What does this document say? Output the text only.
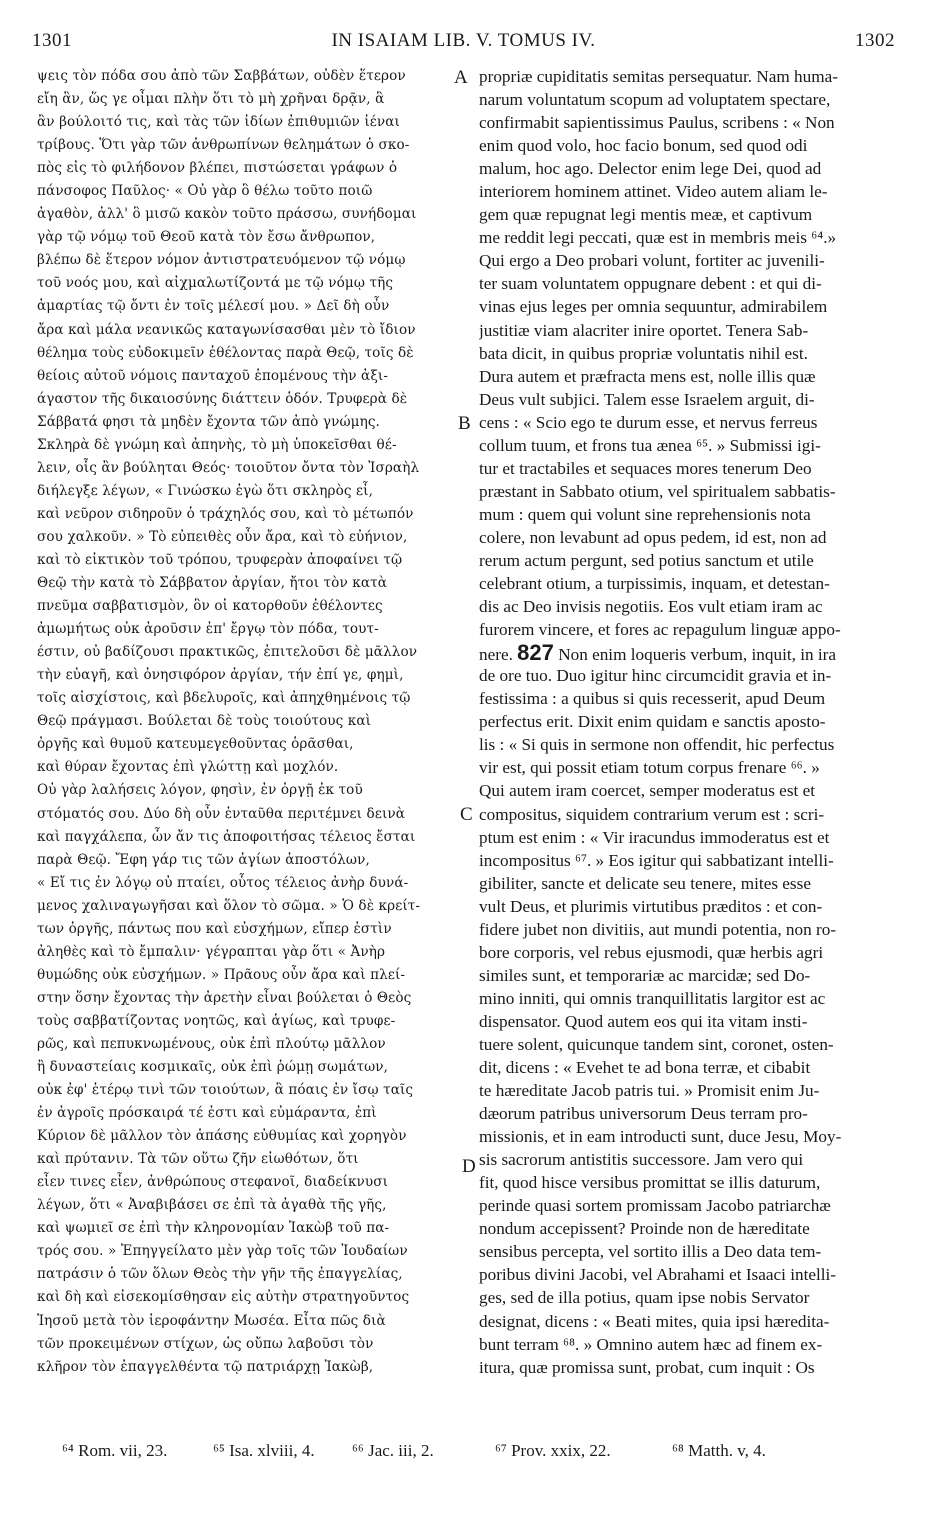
1301	IN ISAIAM LIB. V. TOMUS IV.	1302
ψεις τὸν πόδα σου ἀπὸ τῶν Σαββάτων, οὐδὲν ἕτερον
εἴη ἂν, ὥς γε οἶμαι πλὴν ὅτι τὸ μὴ χρῆναι δρᾷν, ἃ
ἂν βούλοιτό τις, καὶ τὰς τῶν ἰδίων ἐπιθυμιῶν ἰέναι
τρίβους. Ὅτι γὰρ τῶν ἀνθρωπίνων θελημάτων ὁ σκο-
πὸς εἰς τὸ φιλήδονον βλέπει, πιστώσεται γράφων ὁ
πάνσοφος Παῦλος· « Οὐ γὰρ ὃ θέλω τοῦτο ποιῶ
ἀγαθὸν, ἀλλ' ὃ μισῶ κακὸν τοῦτο πράσσω, συνήδομαι
γὰρ τῷ νόμῳ τοῦ Θεοῦ κατὰ τὸν ἔσω ἄνθρωπον,
βλέπω δὲ ἕτερον νόμον ἀντιστρατευόμενον τῷ νόμῳ
τοῦ νοός μου, καὶ αἰχμαλωτίζοντά με τῷ νόμῳ τῆς
ἁμαρτίας τῷ ὄντι ἐν τοῖς μέλεσί μου. » Δεῖ δὴ οὖν
ἄρα καὶ μάλα νεανικῶς καταγωνίσασθαι μὲν τὸ ἴδιον
θέλημα τοὺς εὐδοκιμεῖν ἐθέλοντας παρὰ Θεῷ, τοῖς δὲ
θείοις αὐτοῦ νόμοις πανταχοῦ ἑπομένους τὴν ἀξι-
άγαστον τῆς δικαιοσύνης διάττειν ὁδόν. Τρυφερὰ δὲ
Σάββατά φησι τὰ μηδὲν ἔχοντα τῶν ἀπὸ γνώμης.
Σκληρὰ δὲ γνώμη καὶ ἀπηνὴς, τὸ μὴ ὑποκεῖσθαι θέ-
λειν, οἷς ἂν βούληται Θεός· τοιοῦτον ὄντα τὸν Ἰσραὴλ
διήλεγξε λέγων, « Γινώσκω ἐγὼ ὅτι σκληρὸς εἶ,
καὶ νεῦρον σιδηροῦν ὁ τράχηλός σου, καὶ τὸ μέτωπόν
σου χαλκοῦν. » Τὸ εὐπειθὲς οὖν ἄρα, καὶ τὸ εὐήνιον,
καὶ τὸ εἰκτικὸν τοῦ τρόπου, τρυφερὰν ἀποφαίνει τῷ
Θεῷ τὴν κατὰ τὸ Σάββατον ἀργίαν, ἤτοι τὸν κατὰ
πνεῦμα σαββατισμὸν, ὃν οἱ κατορθοῦν ἐθέλοντες
ἀμωμήτως οὐκ ἀροῦσιν ἐπ' ἔργῳ τὸν πόδα, τουτ-
έστιν, οὐ βαδίζουσι πρακτικῶς, ἐπιτελοῦσι δὲ μᾶλλον
τὴν εὐαγῆ, καὶ ὀνησιφόρον ἀργίαν, τήν ἐπί γε, φημὶ,
τοῖς αἰσχίστοις, καὶ βδελυροῖς, καὶ ἀπηχθημένοις τῷ
Θεῷ πράγμασι. Βούλεται δὲ τοὺς τοιούτους καὶ
ὀργῆς καὶ θυμοῦ κατευμεγεθοῦντας ὁρᾶσθαι,
καὶ θύραν ἔχοντας ἐπὶ γλώττῃ καὶ μοχλόν.
Οὐ γὰρ λαλήσεις λόγον, φησὶν, ἐν ὀργῇ ἐκ τοῦ
στόματός σου. Δύο δὴ οὖν ἐνταῦθα περιτέμνει δεινὰ
καὶ παγχάλεπα, ὧν ἄν τις ἀποφοιτήσας τέλειος ἔσται
παρὰ Θεῷ. Ἔφη γάρ τις τῶν ἁγίων ἀποστόλων,
« Εἴ τις ἐν λόγῳ οὐ πταίει, οὗτος τέλειος ἀνὴρ δυνά-
μενος χαλιναγωγῆσαι καὶ ὅλον τὸ σῶμα. » Ὁ δὲ κρείτ-
των ὀργῆς, πάντως που καὶ εὐσχήμων, εἴπερ ἐστὶν
ἀληθὲς καὶ τὸ ἔμπαλιν· γέγραπται γὰρ ὅτι « Ἀνὴρ
θυμώδης οὐκ εὐσχήμων. » Πρᾶους οὖν ἄρα καὶ πλεί-
στην ὅσην ἔχοντας τὴν ἀρετὴν εἶναι βούλεται ὁ Θεὸς
τοὺς σαββατίζοντας νοητῶς, καὶ ἁγίως, καὶ τρυφε-
ρῶς, καὶ πεπυκνωμένους, οὐκ ἐπὶ πλούτῳ μᾶλλον
ἢ δυναστείαις κοσμικαῖς, οὐκ ἐπὶ ῥώμῃ σωμάτων,
οὐκ ἐφ' ἑτέρῳ τινὶ τῶν τοιούτων, ἃ πόαις ἐν ἴσῳ ταῖς
ἐν ἀγροῖς πρόσκαιρά τέ ἐστι καὶ εὐμάραντα, ἐπὶ
Κύριον δὲ μᾶλλον τὸν ἁπάσης εὐθυμίας καὶ χορηγὸν
καὶ πρύτανιν. Τὰ τῶν οὕτω ζῆν εἰωθότων, ὅτι
εἶεν τινες εἶεν, ἀνθρώπους στεφανοῖ, διαδείκνυσι
λέγων, ὅτι « Ἀναβιβάσει σε ἐπὶ τὰ ἀγαθὰ τῆς γῆς,
καὶ ψωμιεῖ σε ἐπὶ τὴν κληρονομίαν Ἰακὼβ τοῦ πα-
τρός σου. » Ἐπηγγείλατο μὲν γὰρ τοῖς τῶν Ἰουδαίων
πατράσιν ὁ τῶν ὅλων Θεὸς τὴν γῆν τῆς ἐπαγγελίας,
καὶ δὴ καὶ εἰσεκομίσθησαν εἰς αὐτὴν στρατηγοῦντος
Ἰησοῦ μετὰ τὸν ἱεροφάντην Μωσέα. Εἶτα πῶς διὰ
τῶν προκειμένων στίχων, ὡς οὔπω λαβοῦσι τὸν
κλῆρον τὸν ἐπαγγελθέντα τῷ πατριάρχῃ Ἰακὼβ,
propriæ cupiditatis semitas persequatur. Nam huma-
narum voluntatum scopum ad voluptatem spectare,
confirmabit sapientissimus Paulus, scribens : « Non
enim quod volo, hoc facio bonum, sed quod odi
malum, hoc ago. Delector enim lege Dei, quod ad
interiorem hominem attinet. Video autem aliam le-
gem quæ repugnat legi mentis meæ, et captivum
me reddit legi peccati, quæ est in membris meis ⁶⁴.»
Qui ergo a Deo probari volunt, fortiter ac juvenili-
ter suam voluntatem oppugnare debent : et qui di-
vinas ejus leges per omnia sequuntur, admirabilem
justitiæ viam alacriter inire oportet. Tenera Sab-
bata dicit, in quibus propriæ voluntatis nihil est.
Dura autem et præfracta mens est, nolle illis quæ
Deus vult subjici. Talem esse Israelem arguit, di-
cens : « Scio ego te durum esse, et nervus ferreus
collum tuum, et frons tua ænea ⁶⁵. » Submissi igi-
tur et tractabiles et sequaces mores tenerum Deo
præstant in Sabbato otium, vel spiritualem sabbatis-
mum : quem qui volunt sine reprehensionis nota
colere, non levabunt ad opus pedem, id est, non ad
rerum actum pergunt, sed potius sanctum et utile
celebrant otium, a turpissimis, inquam, et detestan-
dis ac Deo invisis negotiis. Eos vult etiam iram ac
furorem vincere, et fores ac repagulum linguæ appo-
nere. 827 Non enim loqueris verbum, inquit, in ira
de ore tuo. Duo igitur hinc circumcidit gravia et in-
festissima : a quibus si quis recesserit, apud Deum
perfectus erit. Dixit enim quidam e sanctis aposto-
lis : « Si quis in sermone non offendit, hic perfectus
vir est, qui possit etiam totum corpus frenare ⁶⁶. »
Qui autem iram coercet, semper moderatus est et
compositus, siquidem contrarium verum est : scri-
ptum est enim : « Vir iracundus immoderatus est et
incompositus ⁶⁷. » Eos igitur qui sabbatizant intelli-
gibiliter, sancte et delicate seu tenere, mites esse
vult Deus, et plurimis virtutibus præditos : et con-
fidere jubet non divitiis, aut mundi potentia, non ro-
bore corporis, vel rebus ejusmodi, quæ herbis agri
similes sunt, et temporariæ ac marcidæ; sed Do-
mino inniti, qui omnis tranquillitatis largitor est ac
dispensator. Quod autem eos qui ita vitam insti-
tuere solent, quicunque tandem sint, coronet, osten-
dit, dicens : « Evehet te ad bona terræ, et cibabit
te hæreditate Jacob patris tui. » Promisit enim Ju-
dæorum patribus universorum Deus terram pro-
missionis, et in eam introducti sunt, duce Jesu, Moy-
sis sacrorum antistitis successore. Jam vero qui
fit, quod hisce versibus promittat se illis daturum,
perinde quasi sortem promissam Jacobo patriarchæ
nondum accepissent? Proinde non de hæreditate
sensibus percepta, vel sortito illis a Deo data tem-
poribus divini Jacobi, vel Abrahami et Isaaci intelli-
ges, sed de illa potius, quam ipse nobis Servator
designat, dicens : « Beati mites, quia ipsi hæredita-
bunt terram ⁶⁸. » Omnino autem hæc ad finem ex-
itura, quæ promissa sunt, probat, cum inquit : Os
A
B
C
D
⁶⁴ Rom. vii, 23.	⁶⁵ Isa. xlviii, 4. ⁶⁶ Jac. iii, 2.	⁶⁷ Prov. xxix, 22.	⁶⁸ Matth. v, 4.
